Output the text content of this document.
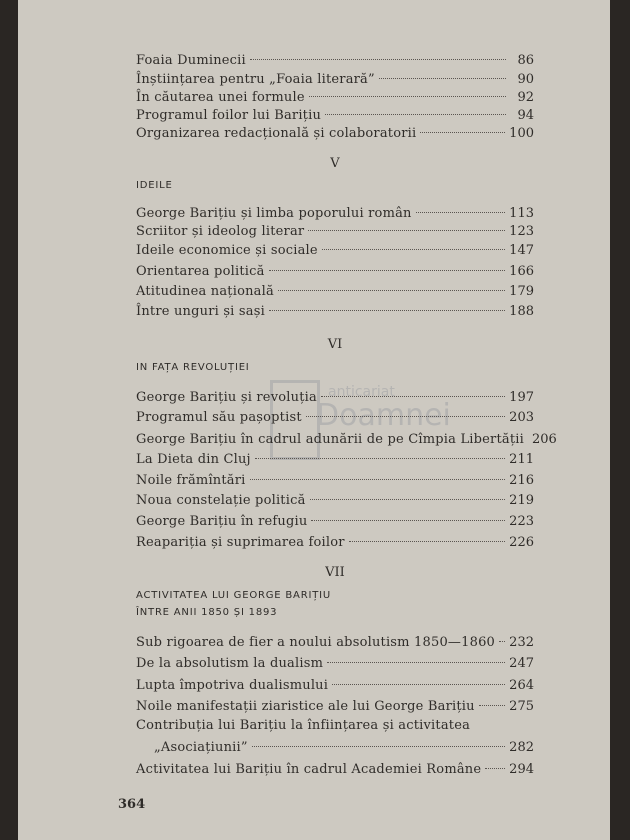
anticariat
Doamnei
Foaia Duminecii	86
Înștiințarea pentru „Foaia literară”	90
În căutarea unei formule	92
Programul foilor lui Barițiu	94
Organizarea redacțională și colaboratorii	100
V
IDEILE
George Barițiu și limba poporului român	113
Scriitor și ideolog literar	123
Ideile economice și sociale	147
Orientarea politică	166
Atitudinea națională	179
Între unguri și sași	188
VI
IN FAȚA REVOLUȚIEI
George Barițiu și revoluția	197
Programul său pașoptist	203
George Barițiu în cadrul adunării de pe Cîmpia Libertății 206
La Dieta din Cluj	211
Noile frămîntări	216
Noua constelație politică	219
George Barițiu în refugiu	223
Reapariția și suprimarea foilor	226
VII
ACTIVITATEA LUI GEORGE BARIȚIU
ÎNTRE ANII 1850 ȘI 1893
Sub rigoarea de fier a noului absolutism 1850—1860 232
De la absolutism la dualism	247
Lupta împotriva dualismului	264
Noile manifestații ziaristice ale lui George Barițiu	275
Contribuția lui Barițiu la înființarea și activitatea
„Asociațiunii”	282
Activitatea lui Barițiu în cadrul Academiei Române 294
364
